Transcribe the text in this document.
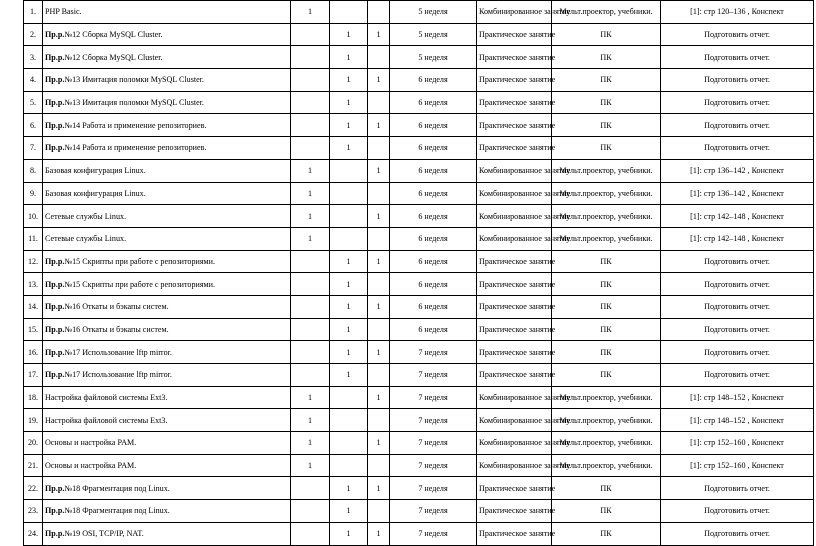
1.	PHP Basic.	1			5 неделя	Комбинированное занятие	Мульт.проектор, учебники.	[1]: стр 120–136 , Конспект
2.	Пр.р.№12 Сборка MySQL Cluster.		1	1	5 неделя	Практическое занятие	ПК	Подготовить отчет.
3.	Пр.р.№12 Сборка MySQL Cluster.		1		5 неделя	Практическое занятие	ПК	Подготовить отчет.
4.	Пр.р.№13 Имитация поломки MySQL Cluster.		1	1	6 неделя	Практическое занятие	ПК	Подготовить отчет.
5.	Пр.р.№13 Имитация поломки MySQL Cluster.		1		6 неделя	Практическое занятие	ПК	Подготовить отчет.
6.	Пр.р.№14 Работа и применение репозиториев.		1	1	6 неделя	Практическое занятие	ПК	Подготовить отчет.
7.	Пр.р.№14 Работа и применение репозиториев.		1		6 неделя	Практическое занятие	ПК	Подготовить отчет.
8.	Базовая конфигурация Linux.	1		1	6 неделя	Комбинированное занятие	Мульт.проектор, учебники.	[1]: стр 136–142 , Конспект
9.	Базовая конфигурация Linux.	1			6 неделя	Комбинированное занятие	Мульт.проектор, учебники.	[1]: стр 136–142 , Конспект
10.	Сетевые службы Linux.	1		1	6 неделя	Комбинированное занятие	Мульт.проектор, учебники.	[1]: стр 142–148 , Конспект
11.	Сетевые службы Linux.	1			6 неделя	Комбинированное занятие	Мульт.проектор, учебники.	[1]: стр 142–148 , Конспект
12.	Пр.р.№15 Скрипты при работе с репозиториями.		1	1	6 неделя	Практическое занятие	ПК	Подготовить отчет.
13.	Пр.р.№15 Скрипты при работе с репозиториями.		1		6 неделя	Практическое занятие	ПК	Подготовить отчет.
14.	Пр.р.№16 Откаты и бэкапы систем.		1	1	6 неделя	Практическое занятие	ПК	Подготовить отчет.
15.	Пр.р.№16 Откаты и бэкапы систем.		1		6 неделя	Практическое занятие	ПК	Подготовить отчет.
16.	Пр.р.№17 Использование lftp mirror.		1	1	7 неделя	Практическое занятие	ПК	Подготовить отчет.
17.	Пр.р.№17 Использование lftp mirror.		1		7 неделя	Практическое занятие	ПК	Подготовить отчет.
18.	Настройка файловой системы Ext3.	1		1	7 неделя	Комбинированное занятие	Мульт.проектор, учебники.	[1]: стр 148–152 , Конспект
19.	Настройка файловой системы Ext3.	1			7 неделя	Комбинированное занятие	Мульт.проектор, учебники.	[1]: стр 148–152 , Конспект
20.	Основы и настройка PAM.	1		1	7 неделя	Комбинированное занятие	Мульт.проектор, учебники.	[1]: стр 152–160 , Конспект
21.	Основы и настройка PAM.	1			7 неделя	Комбинированное занятие	Мульт.проектор, учебники.	[1]: стр 152–160 , Конспект
22.	Пр.р.№18 Фрагментация под Linux.		1	1	7 неделя	Практическое занятие	ПК	Подготовить отчет.
23.	Пр.р.№18 Фрагментация под Linux.		1		7 неделя	Практическое занятие	ПК	Подготовить отчет.
24.	Пр.р.№19 OSI, TCP/IP, NAT.		1	1	7 неделя	Практическое занятие	ПК	Подготовить отчет.
